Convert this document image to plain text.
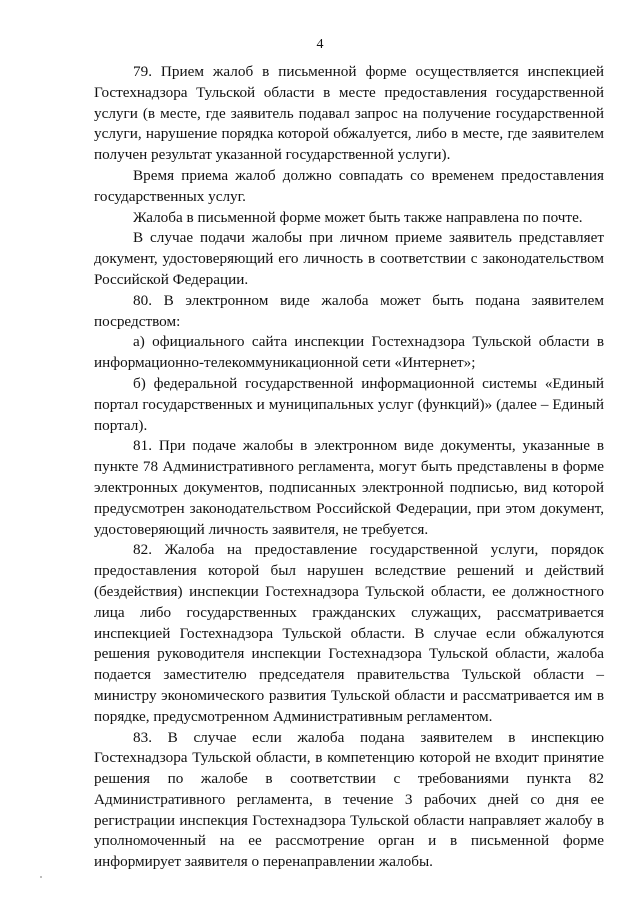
4

79. Прием жалоб в письменной форме осуществляется инспекцией Гостехнадзора Тульской области в месте предоставления государственной услуги (в месте, где заявитель подавал запрос на получение государственной услуги, нарушение порядка которой обжалуется, либо в месте, где заявителем получен результат указанной государственной услуги).

Время приема жалоб должно совпадать со временем предоставления государственных услуг.

Жалоба в письменной форме может быть также направлена по почте.

В случае подачи жалобы при личном приеме заявитель представляет документ, удостоверяющий его личность в соответствии с законодательством Российской Федерации.

80. В электронном виде жалоба может быть подана заявителем посредством:

а) официального сайта инспекции Гостехнадзора Тульской области в информационно-телекоммуникационной сети «Интернет»;

б) федеральной государственной информационной системы «Единый портал государственных и муниципальных услуг (функций)» (далее – Единый портал).

81. При подаче жалобы в электронном виде документы, указанные в пункте 78 Административного регламента, могут быть представлены в форме электронных документов, подписанных электронной подписью, вид которой предусмотрен законодательством Российской Федерации, при этом документ, удостоверяющий личность заявителя, не требуется.

82. Жалоба на предоставление государственной услуги, порядок предоставления которой был нарушен вследствие решений и действий (бездействия) инспекции Гостехнадзора Тульской области, ее должностного лица либо государственных гражданских служащих, рассматривается инспекцией Гостехнадзора Тульской области. В случае если обжалуются решения руководителя инспекции Гостехнадзора Тульской области, жалоба подается заместителю председателя правительства Тульской области – министру экономического развития Тульской области и рассматривается им в порядке, предусмотренном Административным регламентом.

83. В случае если жалоба подана заявителем в инспекцию Гостехнадзора Тульской области, в компетенцию которой не входит принятие решения по жалобе в соответствии с требованиями пункта 82 Административного регламента, в течение 3 рабочих дней со дня ее регистрации инспекция Гостехнадзора Тульской области направляет жалобу в уполномоченный на ее рассмотрение орган и в письменной форме информирует заявителя о перенаправлении жалобы.
